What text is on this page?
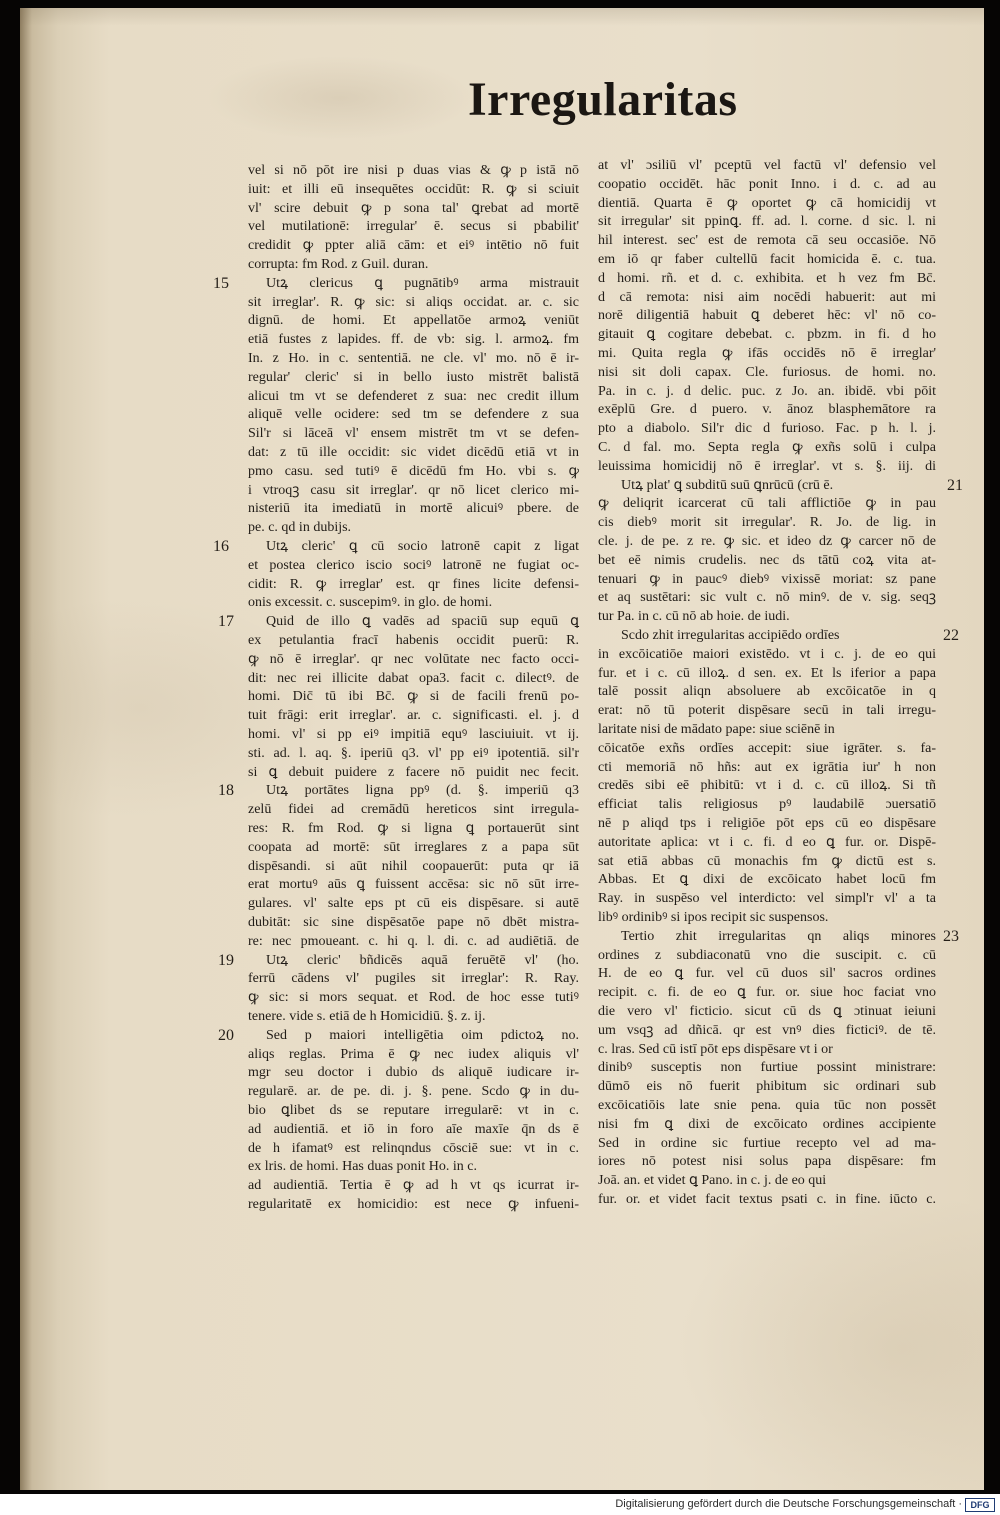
Irregularitas
vel si nō pōt ire nisi p duas vias & ꝙ p istā nō
iuit: et illi eū insequētes occidūt: R. ꝙ si sciuit
vl' scire debuit ꝙ p sona tal' ꝗrebat ad mortē
vel mutilationē: irregular' ē. secus si pbabilit'
credidit ꝙ ppter aliā cām: et eiꝰ intētio nō fuit
corrupta: fm Rod. z Guil. duran.
Utꝝ clericus ꝗ pugnātibꝰ arma mistrauit
sit irreglar'. R. ꝙ sic: si aliqs occidat. ar. c. sic
dignū. de homi. Et appellatōe armoꝝ veniūt
etiā fustes z lapides. ff. de vb: sig. l. armoꝝ. fm
In. z Ho. in c. sententiā. ne cle. vl' mo. nō ē ir-
regular' cleric' si in bello iusto mistrēt balistā
alicui tm vt se defenderet z sua: nec credit illum
aliquē velle ocidere: sed tm se defendere z sua
Sil'r si lāceā vl' ensem mistrēt tm vt se defen-
dat: z tū ille occidit: sic videt dicēdū etiā vt in
pmo casu. sed tutiꝰ ē dicēdū fm Ho. vbi s. ꝙ
i vtroqꝫ casu sit irreglar'. qr nō licet clerico mi-
nisteriū ita imediatū in mortē alicuiꝰ pbere. de
pe. c. qd in dubijs.
Utꝝ cleric' ꝗ cū socio latronē capit z ligat
et postea clerico iscio sociꝰ latronē ne fugiat oc-
cidit: R. ꝙ irreglar' est. qr fines licite defensi-
onis excessit. c. suscepimꝰ. in glo. de homi.
Quid de illo ꝗ vadēs ad spaciū sup equū ꝗ
ex petulantia fracī habenis occidit puerū: R.
ꝙ nō ē irreglar'. qr nec volūtate nec facto occi-
dit: nec rei illicite dabat opa3. facit c. dilectꝰ. de
homi. Dic̄ tū ibi Bc̄. ꝙ si de facili frenū po-
tuit frāgi: erit irreglar'. ar. c. significasti. el. j. d
homi. vl' si pp eiꝰ impitiā equꝰ lasciuiuit. vt ij.
sti. ad. l. aq. §. iperiū q3. vl' pp eiꝰ ipotentiā. sil'r
si ꝗ debuit puidere z facere nō puidit nec fecit.
Utꝝ portātes ligna ppꝰ (d. §. imperiū q3
zelū fidei ad cremādū hereticos sint irregula-
res: R. fm Rod. ꝙ si ligna ꝗ portauerūt sint
coopata ad mortē: sūt irreglares z a papa sūt
dispēsandi. si aūt nihil coopauerūt: puta qr iā
erat mortuꝰ aūs ꝗ fuissent accēsa: sic nō sūt irre-
gulares. vl' salte eps pt cū eis dispēsare. si autē
dubitāt: sic sine dispēsatōe pape nō dbēt mistra-
re: nec pmoueant. c. hi q. l. di. c. ad audiētiā. de
Utꝝ cleric' bñdicēs aquā feruētē vl' (ho.
ferrū cādens vl' pugiles sit irreglar': R. Ray.
ꝙ sic: si mors sequat. et Rod. de hoc esse tutiꝰ
tenere. vide s. etiā de h Homicidiū. §. z. ij.
Sed p maiori intelligētia oim pdictoꝝ no.
aliqs reglas. Prima ē ꝙ nec iudex aliquis vl'
mgr seu doctor i dubio ds aliquē iudicare ir-
regularē. ar. de pe. di. j. §. pene. Scdo ꝙ in du-
bio ꝗlibet ds se reputare irregularē: vt in c.
ad audientiā. et iō in foro aīe maxīe q̄n ds ē
de h ifamatꝰ est relinqndus cōsciē sue: vt in c.
ex lris. de homi. Has duas ponit Ho. in c.
ad audientiā. Tertia ē ꝙ ad h vt qs icurrat ir-
regularitatē ex homicidio: est nece ꝙ infueni-
at vl' ɔsiliū vl' pceptū vel factū vl' defensio vel
coopatio occidēt. hāc ponit Inno. i d. c. ad au
dientiā. Quarta ē ꝙ oportet ꝙ cā homicidij vt
sit irregular' sit ppinꝗ. ff. ad. l. corne. d sic. l. ni
hil interest. sec' est de remota cā seu occasiōe. Nō
em iō qr faber cultellū facit homicida ē. c. tua.
d homi. rñ. et d. c. exhibita. et h vez fm Bc̄.
d cā remota: nisi aim nocēdi habuerit: aut mi
norē diligentiā habuit ꝗ deberet hēc: vl' nō co-
gitauit ꝗ cogitare debebat. c. pbzm. in fi. d ho
mi. Quita regla ꝙ ifās occidēs nō ē irreglar'
nisi sit doli capax. Cle. furiosus. de homi. no.
Pa. in c. j. d delic. puc. z Jo. an. ibidē. vbi pōit
exēplū Gre. d puero. v. ānoz blasphemātore ra
pto a diabolo. Sil'r dic d furioso. Fac. p h. l. j.
C. d fal. mo. Septa regla ꝙ exñs solū i culpa
leuissima homicidij nō ē irreglar'. vt s. §. iij. di
Utꝝ plat' ꝗ subditū suū ꝗnrūcū (crū ē.
ꝙ deliqrit icarcerat cū tali afflictiōe ꝙ in pau
cis diebꝰ morit sit irregular'. R. Jo. de lig. in
cle. j. de pe. z re. ꝙ sic. et ideo dz ꝙ carcer nō de
bet eē nimis crudelis. nec ds tātū coꝝ vita at-
tenuari ꝙ in paucꝰ diebꝰ vixissē moriat: sz pane
et aq sustētari: sic vult c. nō minꝰ. de v. sig. seqꝫ
tur Pa. in c. cū nō ab hoie. de iudi.
Scdo zhit irregularitas accipiēdo ordīes
in excōicatiōe maiori existēdo. vt i c. j. de eo qui
fur. et i c. cū illoꝝ. d sen. ex. Et ls iferior a papa
talē possit aliqn absoluere ab excōicatōe in q
erat: nō tū poterit dispēsare secū in tali irregu-
laritate nisi de mādato pape: siue sciēnē in
cōicatōe exñs ordīes accepit: siue igrāter. s. fa-
cti memoriā nō hñs: aut ex igrātia iur' h non
credēs sibi eē phibitū: vt i d. c. cū illoꝝ. Si tñ
efficiat talis religiosus pꝰ laudabilē ɔuersatiō
nē p aliqd tps i religiōe pōt eps cū eo dispēsare
autoritate aplica: vt i c. fi. d eo ꝗ fur. or. Dispē-
sat etiā abbas cū monachis fm ꝙ dictū est s.
Abbas. Et ꝗ dixi de excōicato habet locū fm
Ray. in suspēso vel interdicto: vel simpl'r vl' a ta
libꝰ ordinibꝰ si ipos recipit sic suspensos.
Tertio zhit irregularitas qn aliqs minores
ordines z subdiaconatū vno die suscipit. c. cū
H. de eo ꝗ fur. vel cū duos sil' sacros ordines
recipit. c. fi. de eo ꝗ fur. or. siue hoc faciat vno
die vero vl' ficticio. sicut cū ds ꝗ ɔtinuat ieiuni
um vsqꝫ ad dñicā. qr est vnꝰ dies ficticiꝰ. de tē.
c. lras. Sed cū istī pōt eps dispēsare vt i or
dinibꝰ susceptis non furtiue possint ministrare:
dūmō eis nō fuerit phibitum sic ordinari sub
excōicatiōis late snie pena. quia tūc non possēt
nisi fm ꝗ dixi de excōicato ordines accipiente
Sed in ordine sic furtiue recepto vel ad ma-
iores nō potest nisi solus papa dispēsare: fm
Joā. an. et videt ꝗ Pano. in c. j. de eo qui
fur. or. et videt facit textus psati c. in fine. iūcto c.
15
16
17
18
19
20
21
22
23
Digitalisierung gefördert durch die Deutsche Forschungsgemeinschaft · DFG
